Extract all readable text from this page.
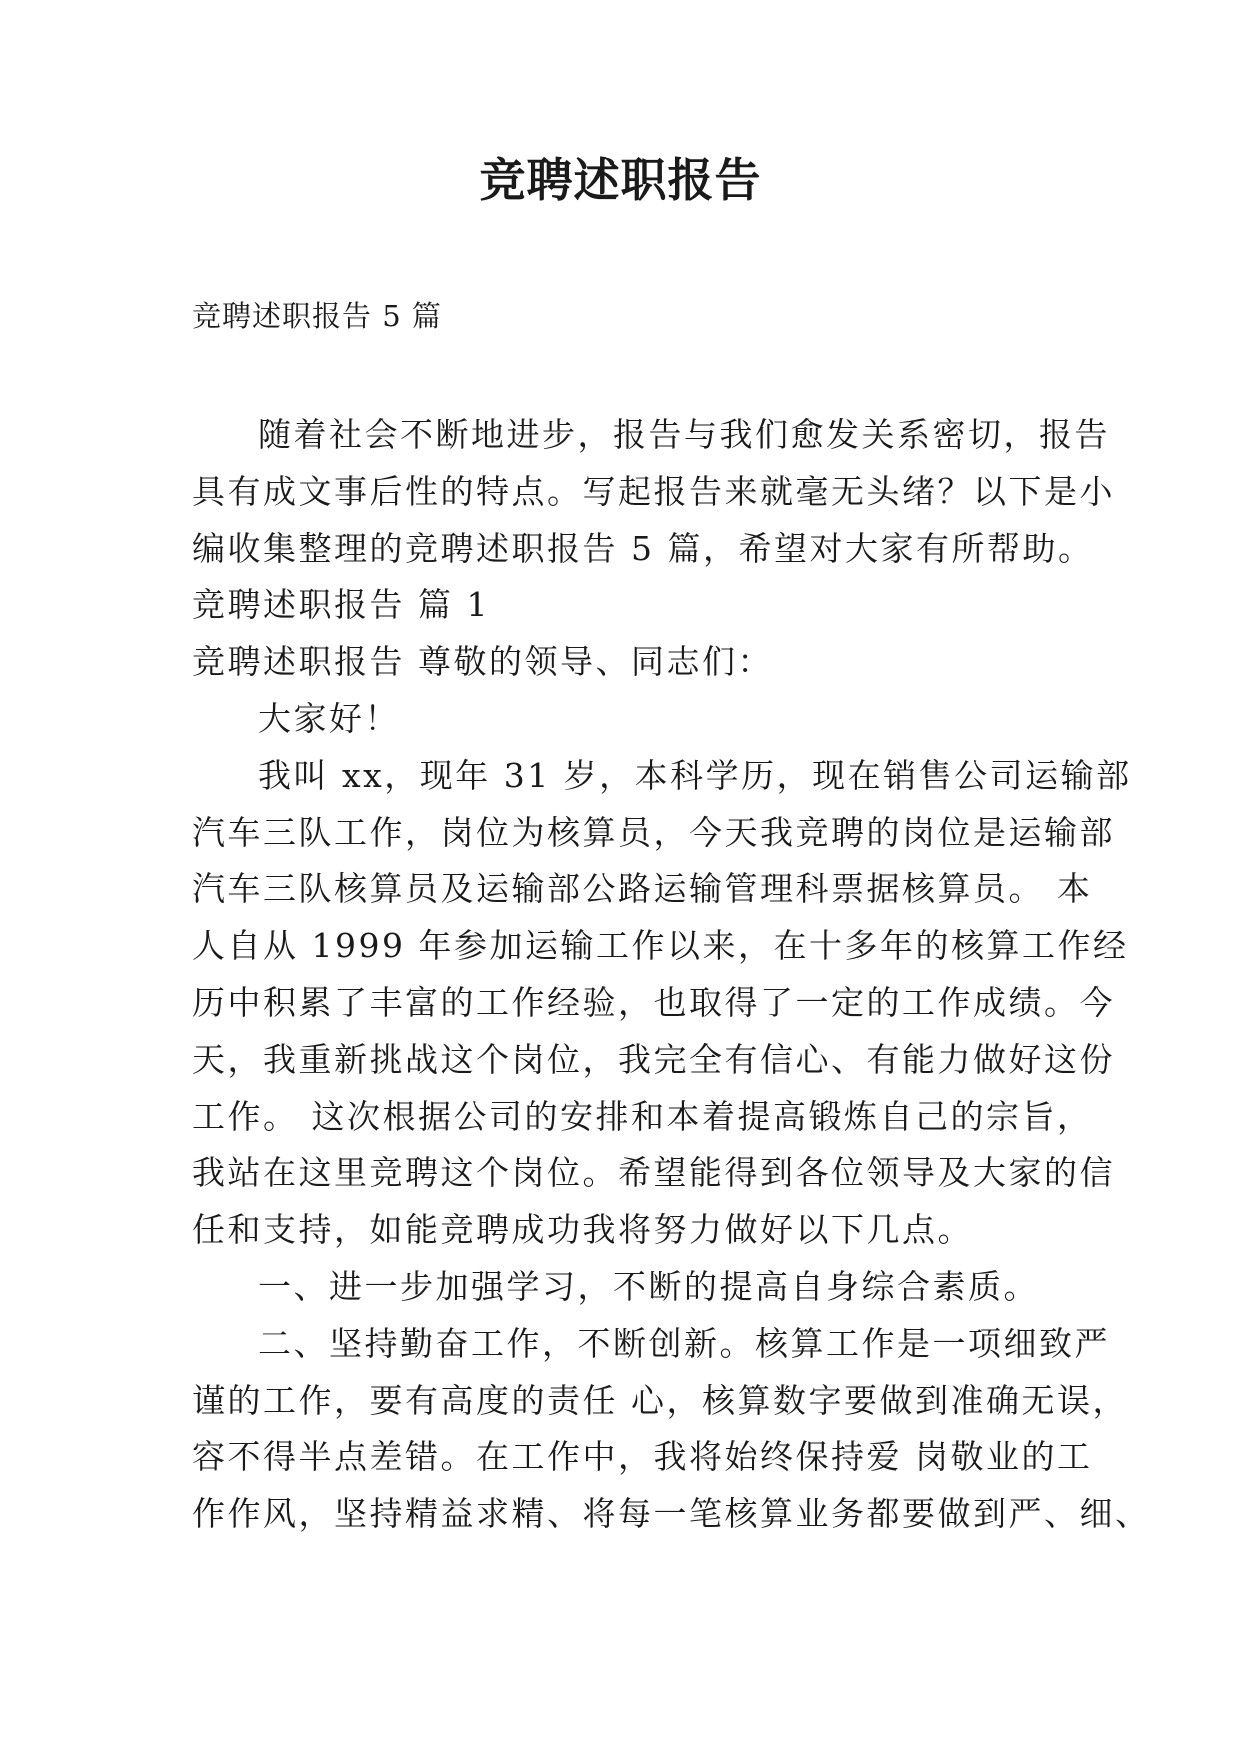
竞聘述职报告
竞聘述职报告 5 篇
随着社会不断地进步，报告与我们愈发关系密切，报告
具有成文事后性的特点。写起报告来就毫无头绪？以下是小
编收集整理的竞聘述职报告 5 篇，希望对大家有所帮助。
竞聘述职报告 篇 1
竞聘述职报告 尊敬的领导、同志们：
大家好！
我叫 xx，现年 31 岁，本科学历，现在销售公司运输部
汽车三队工作，岗位为核算员，今天我竞聘的岗位是运输部
汽车三队核算员及运输部公路运输管理科票据核算员。 本
人自从 1999 年参加运输工作以来，在十多年的核算工作经
历中积累了丰富的工作经验，也取得了一定的工作成绩。今
天，我重新挑战这个岗位，我完全有信心、有能力做好这份
工作。 这次根据公司的安排和本着提高锻炼自己的宗旨，
我站在这里竞聘这个岗位。希望能得到各位领导及大家的信
任和支持，如能竞聘成功我将努力做好以下几点。
一、进一步加强学习，不断的提高自身综合素质。
二、坚持勤奋工作，不断创新。核算工作是一项细致严
谨的工作，要有高度的责任 心，核算数字要做到准确无误，
容不得半点差错。在工作中，我将始终保持爱 岗敬业的工
作作风，坚持精益求精、将每一笔核算业务都要做到严、细、
